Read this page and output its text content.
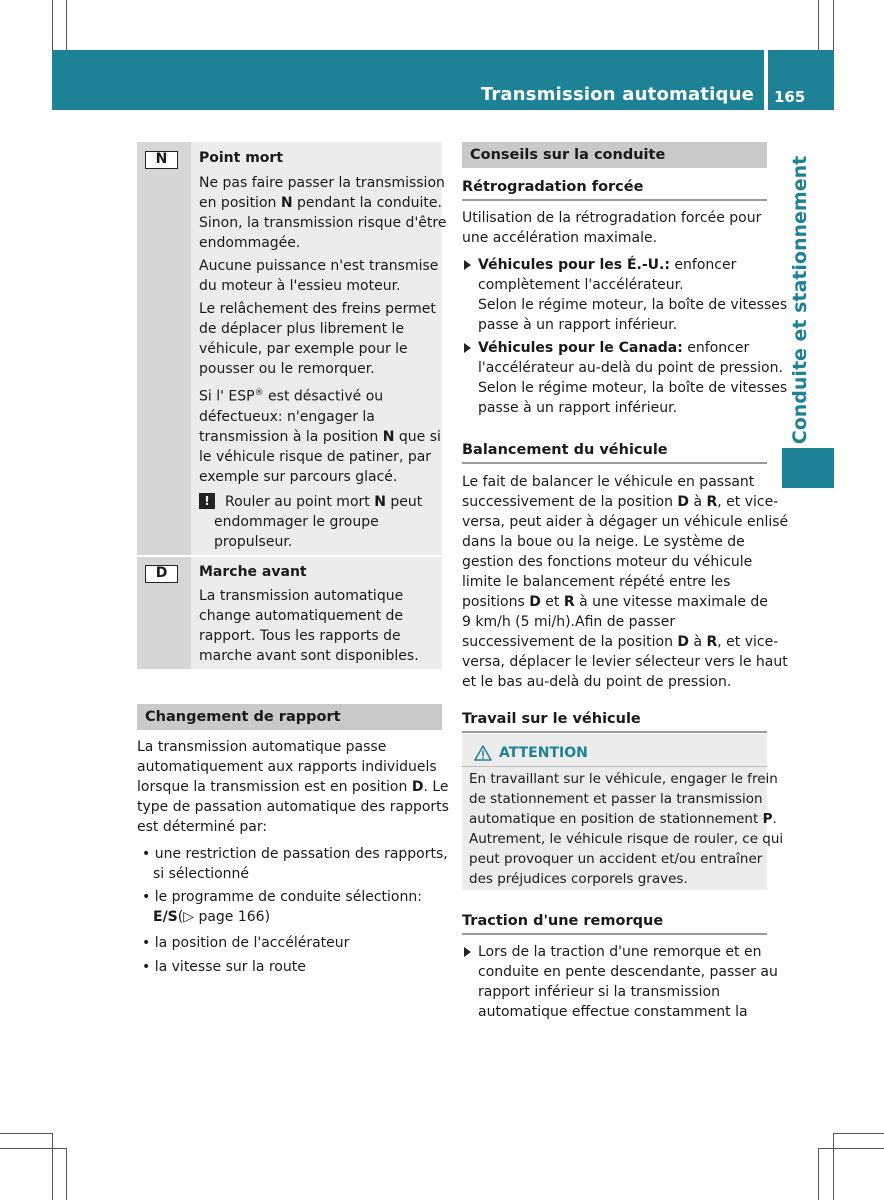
Transmission automatique 165
Conduite et stationnement
N	Point mort
Ne pas faire passer la transmission
en position N pendant la conduite.
Sinon, la transmission risque d'être
endommagée.
Aucune puissance n'est transmise
du moteur à l'essieu moteur.
Le relâchement des freins permet
de déplacer plus librement le
véhicule, par exemple pour le
pousser ou le remorquer.
Si l' ESP® est désactivé ou
défectueux: n'engager la
transmission à la position N que si
le véhicule risque de patiner, par
exemple sur parcours glacé.
!	Rouler au point mort N peut
endommager le groupe
propulseur.
D	Marche avant
La transmission automatique
change automatiquement de
rapport. Tous les rapports de
marche avant sont disponibles.
Changement de rapport
La transmission automatique passe
automatiquement aux rapports individuels
lorsque la transmission est en position D. Le
type de passation automatique des rapports
est déterminé par:
• une restriction de passation des rapports,
si sélectionné
• le programme de conduite sélectionn:
E/S(▷ page 166)
• la position de l'accélérateur
• la vitesse sur la route
Conseils sur la conduite
Rétrogradation forcée
Utilisation de la rétrogradation forcée pour
une accélération maximale.
Véhicules pour les É.-U.: enfoncer
complètement l'accélérateur.
Selon le régime moteur, la boîte de vitesses
passe à un rapport inférieur.
Véhicules pour le Canada: enfoncer
l'accélérateur au-delà du point de pression.
Selon le régime moteur, la boîte de vitesses
passe à un rapport inférieur.
Balancement du véhicule
Le fait de balancer le véhicule en passant
successivement de la position D à R, et vice-
versa, peut aider à dégager un véhicule enlisé
dans la boue ou la neige. Le système de
gestion des fonctions moteur du véhicule
limite le balancement répété entre les
positions D et R à une vitesse maximale de
9 km/h (5 mi/h).Afin de passer
successivement de la position D à R, et vice-
versa, déplacer le levier sélecteur vers le haut
et le bas au-delà du point de pression.
Travail sur le véhicule
ATTENTION
En travaillant sur le véhicule, engager le frein
de stationnement et passer la transmission
automatique en position de stationnement P.
Autrement, le véhicule risque de rouler, ce qui
peut provoquer un accident et/ou entraîner
des préjudices corporels graves.
Traction d'une remorque
Lors de la traction d'une remorque et en
conduite en pente descendante, passer au
rapport inférieur si la transmission
automatique effectue constamment la
